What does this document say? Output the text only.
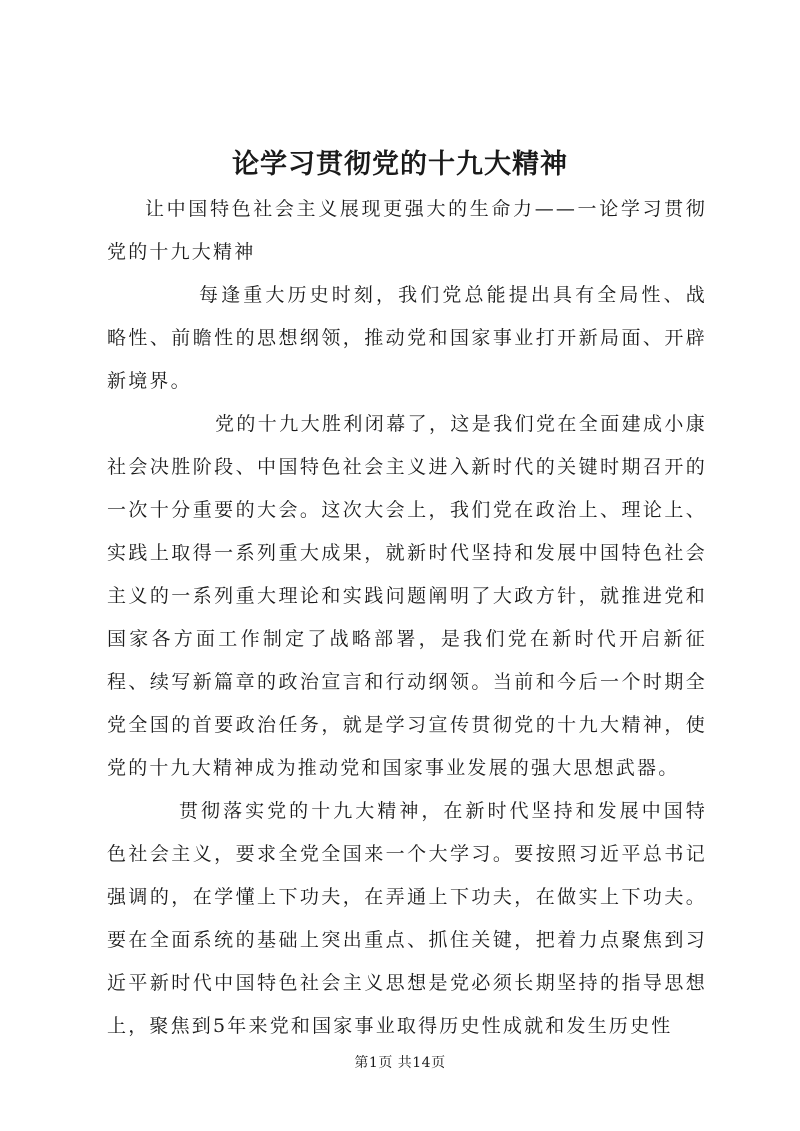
论学习贯彻党的十九大精神

让中国特色社会主义展现更强大的生命力——一论学习贯彻党的十九大精神

每逢重大历史时刻，我们党总能提出具有全局性、战略性、前瞻性的思想纲领，推动党和国家事业打开新局面、开辟新境界。

党的十九大胜利闭幕了，这是我们党在全面建成小康社会决胜阶段、中国特色社会主义进入新时代的关键时期召开的一次十分重要的大会。这次大会上，我们党在政治上、理论上、实践上取得一系列重大成果，就新时代坚持和发展中国特色社会主义的一系列重大理论和实践问题阐明了大政方针，就推进党和国家各方面工作制定了战略部署，是我们党在新时代开启新征程、续写新篇章的政治宣言和行动纲领。当前和今后一个时期全党全国的首要政治任务，就是学习宣传贯彻党的十九大精神，使党的十九大精神成为推动党和国家事业发展的强大思想武器。

贯彻落实党的十九大精神，在新时代坚持和发展中国特色社会主义，要求全党全国来一个大学习。要按照习近平总书记强调的，在学懂上下功夫，在弄通上下功夫，在做实上下功夫。要在全面系统的基础上突出重点、抓住关键，把着力点聚焦到习近平新时代中国特色社会主义思想是党必须长期坚持的指导思想上，聚焦到5年来党和国家事业取得历史性成就和发生历史性

第1页 共14页
